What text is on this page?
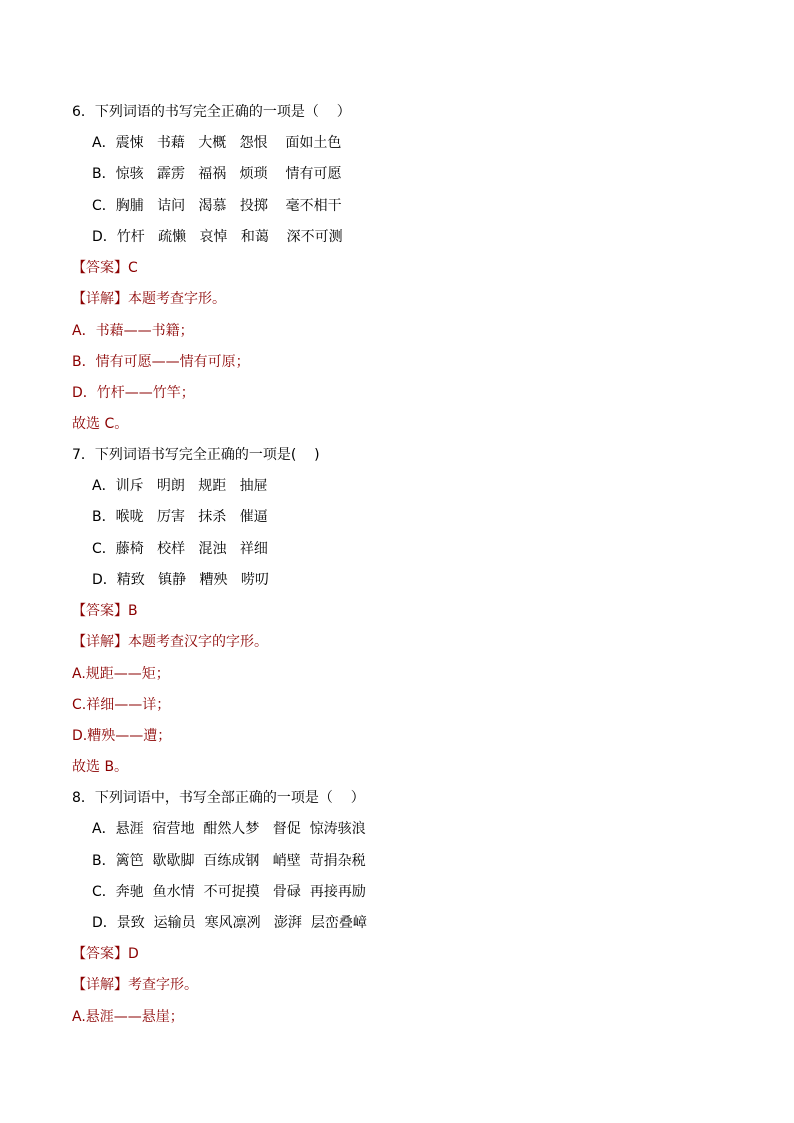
6．下列词语的书写完全正确的一项是（    ）
A．震悚   书藉   大概   怨恨    面如土色
B．惊骇   霹雳   福祸   烦琐    情有可愿
C．胸脯   诘问   渴慕   投掷    毫不相干
D．竹杆   疏懒   哀悼   和蔼    深不可测
【答案】C
【详解】本题考查字形。
A．书藉——书籍；
B．情有可愿——情有可原；
D．竹杆——竹竿；
故选 C。
7．下列词语书写完全正确的一项是(    )
A．训斥   明朗   规距   抽屉
B．喉咙   厉害   抹杀   催逼
C．藤椅   校样   混浊   祥细
D．精致   镇静   糟殃   唠叨
【答案】B
【详解】本题考查汉字的字形。
A.规距——矩；
C.祥细——详；
D.糟殃——遭；
故选 B。
8．下列词语中，书写全部正确的一项是（    ）
A．悬涯  宿营地  酣然人梦   督促  惊涛骇浪
B．篱笆  歇歇脚  百练成钢   峭壁  苛捐杂税
C．奔驰  鱼水情  不可捉摸   骨碌  再接再励
D．景致  运输员  寒风凛冽   澎湃  层峦叠嶂
【答案】D
【详解】考查字形。
A.悬涯——悬崖；
